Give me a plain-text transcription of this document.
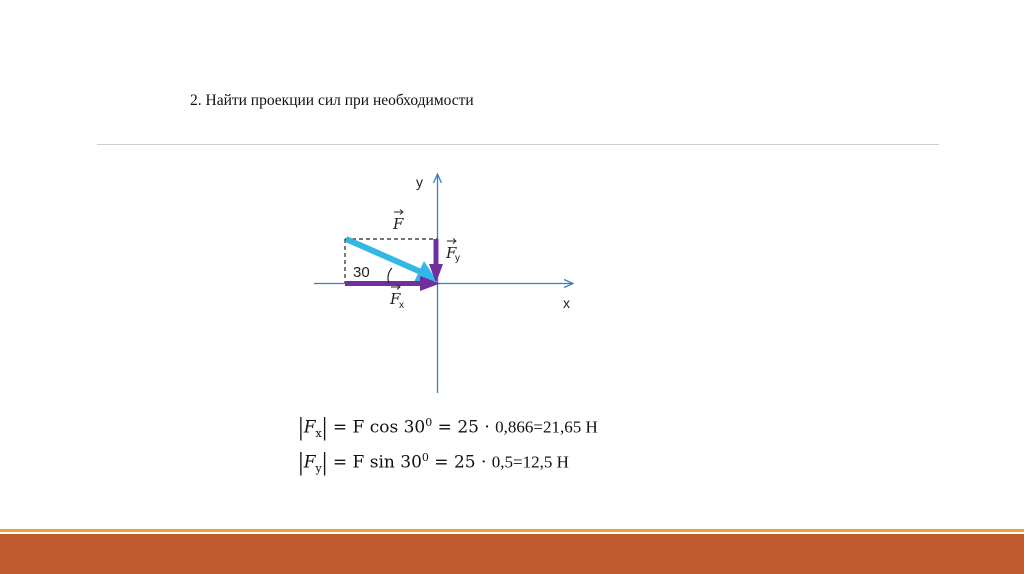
2. Найти проекции сил при необходимости
y
x
F
F
y
F
x
30
$|F_x| = F$ $\cos 30^0 = 25 \cdot 0,866=21,65$ Н
$|F_y| = F$ $\sin 30^0 = 25 \cdot 0,5=12,5$ Н
